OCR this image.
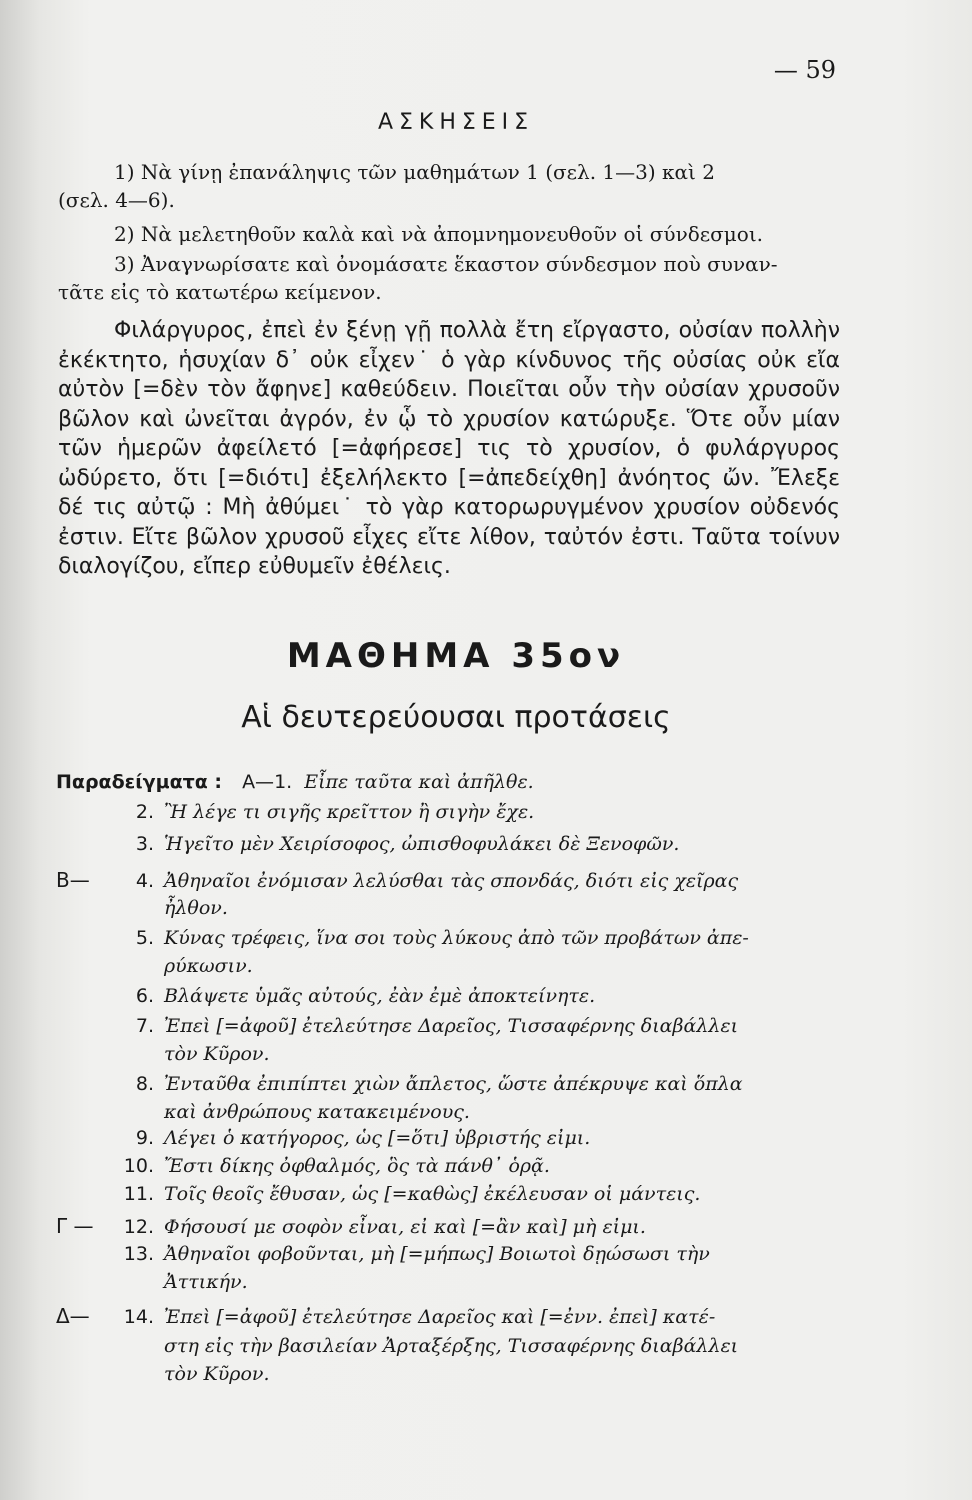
— 59
ΑΣΚΗΣΕΙΣ
1) Νὰ γίνῃ ἐπανάληψις τῶν μαθημάτων 1 (σελ. 1—3) καὶ 2
(σελ. 4—6).
2) Νὰ μελετηθοῦν καλὰ καὶ νὰ ἀπομνημονευθοῦν οἱ σύνδεσμοι.
3) Ἀναγνωρίσατε καὶ ὀνομάσατε ἕκαστον σύνδεσμον ποὺ συναν-
τᾶτε εἰς τὸ κατωτέρω κείμενον.
Φιλάργυρος, ἐπεὶ ἐν ξένῃ γῇ πολλὰ ἔτη εἴργαστο, οὐσίαν πολλὴν ἐκέκτητο, ἡσυχίαν δ᾽ οὐκ εἶχεν˙ ὁ γὰρ κίνδυνος τῆς οὐσίας οὐκ εἴα αὐτὸν [=δὲν τὸν ἄφηνε] καθεύδειν. Ποιεῖται οὖν τὴν οὐσίαν χρυσοῦν βῶλον καὶ ὠνεῖται ἀγρόν, ἐν ᾧ τὸ χρυσίον κατώρυξε. Ὅτε οὖν μίαν τῶν ἡμερῶν ἀφείλετό [=ἀφήρεσε] τις τὸ χρυσίον, ὁ φυλάργυρος ὠδύρετο, ὅτι [=διότι] ἐξελήλεκτο [=ἀπεδείχθη] ἀνόητος ὤν. Ἔλεξε δέ τις αὐτῷ : Μὴ ἀθύμει˙ τὸ γὰρ κατορωρυγμένον χρυσίον οὐδενός ἐστιν. Εἴτε βῶλον χρυσοῦ εἶχες εἴτε λίθον, ταὐτόν ἐστι. Ταῦτα τοίνυν διαλογίζου, εἴπερ εὐθυμεῖν ἐθέλεις.
ΜΑΘΗΜΑ 35ον
Αἱ δευτερεύουσαι προτάσεις
Παραδείγματα : Α—1. Εἶπε ταῦτα καὶ ἀπῆλθε.
2. Ἢ λέγε τι σιγῆς κρεῖττον ἢ σιγὴν ἔχε.
3. Ἡγεῖτο μὲν Χειρίσοφος, ὠπισθοφυλάκει δὲ Ξενοφῶν.
Β— 4. Ἀθηναῖοι ἐνόμισαν λελύσθαι τὰς σπονδάς, διότι εἰς χεῖρας
ἦλθον.
5. Κύνας τρέφεις, ἵνα σοι τοὺς λύκους ἀπὸ τῶν προβάτων ἀπε-
ρύκωσιν.
6. Βλάψετε ὑμᾶς αὐτούς, ἐὰν ἐμὲ ἀποκτείνητε.
7. Ἐπεὶ [=ἀφοῦ] ἐτελεύτησε Δαρεῖος, Τισσαφέρνης διαβάλλει
τὸν Κῦρον.
8. Ἐνταῦθα ἐπιπίπτει χιὼν ἄπλετος, ὥστε ἀπέκρυψε καὶ ὅπλα
καὶ ἀνθρώπους κατακειμένους.
9. Λέγει ὁ κατήγορος, ὡς [=ὅτι] ὑβριστής εἰμι.
10. Ἔστι δίκης ὀφθαλμός, ὃς τὰ πάνθ᾽ ὁρᾷ.
11. Τοῖς θεοῖς ἔθυσαν, ὡς [=καθὼς] ἐκέλευσαν οἱ μάντεις.
Γ — 12. Φήσουσί με σοφὸν εἶναι, εἰ καὶ [=ἂν καὶ] μὴ εἰμι.
13. Ἀθηναῖοι φοβοῦνται, μὴ [=μήπως] Βοιωτοὶ δῃώσωσι τὴν
Ἀττικήν.
Δ— 14. Ἐπεὶ [=ἀφοῦ] ἐτελεύτησε Δαρεῖος καὶ [=ἐνν. ἐπεὶ] κατέ-
στη εἰς τὴν βασιλείαν Ἀρταξέρξης, Τισσαφέρνης διαβάλλει
τὸν Κῦρον.
